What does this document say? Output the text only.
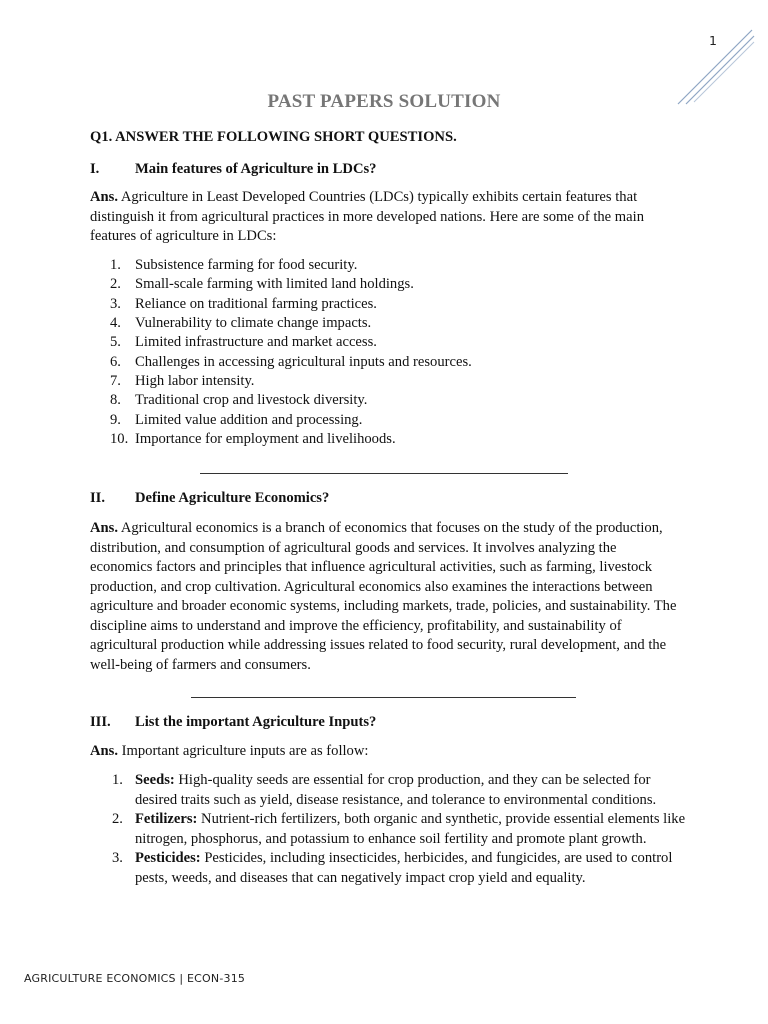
1
PAST PAPERS SOLUTION
Q1. ANSWER THE FOLLOWING SHORT QUESTIONS.
I. Main features of Agriculture in LDCs?
Ans. Agriculture in Least Developed Countries (LDCs) typically exhibits certain features that distinguish it from agricultural practices in more developed nations. Here are some of the main features of agriculture in LDCs:
1. Subsistence farming for food security.
2. Small-scale farming with limited land holdings.
3. Reliance on traditional farming practices.
4. Vulnerability to climate change impacts.
5. Limited infrastructure and market access.
6. Challenges in accessing agricultural inputs and resources.
7. High labor intensity.
8. Traditional crop and livestock diversity.
9. Limited value addition and processing.
10. Importance for employment and livelihoods.
II. Define Agriculture Economics?
Ans. Agricultural economics is a branch of economics that focuses on the study of the production, distribution, and consumption of agricultural goods and services. It involves analyzing the economics factors and principles that influence agricultural activities, such as farming, livestock production, and crop cultivation. Agricultural economics also examines the interactions between agriculture and broader economic systems, including markets, trade, policies, and sustainability. The discipline aims to understand and improve the efficiency, profitability, and sustainability of agricultural production while addressing issues related to food security, rural development, and the well-being of farmers and consumers.
III. List the important Agriculture Inputs?
Ans. Important agriculture inputs are as follow:
1. Seeds: High-quality seeds are essential for crop production, and they can be selected for desired traits such as yield, disease resistance, and tolerance to environmental conditions.
2. Fetilizers: Nutrient-rich fertilizers, both organic and synthetic, provide essential elements like nitrogen, phosphorus, and potassium to enhance soil fertility and promote plant growth.
3. Pesticides: Pesticides, including insecticides, herbicides, and fungicides, are used to control pests, weeds, and diseases that can negatively impact crop yield and equality.
AGRICULTURE ECONOMICS | ECON-315
